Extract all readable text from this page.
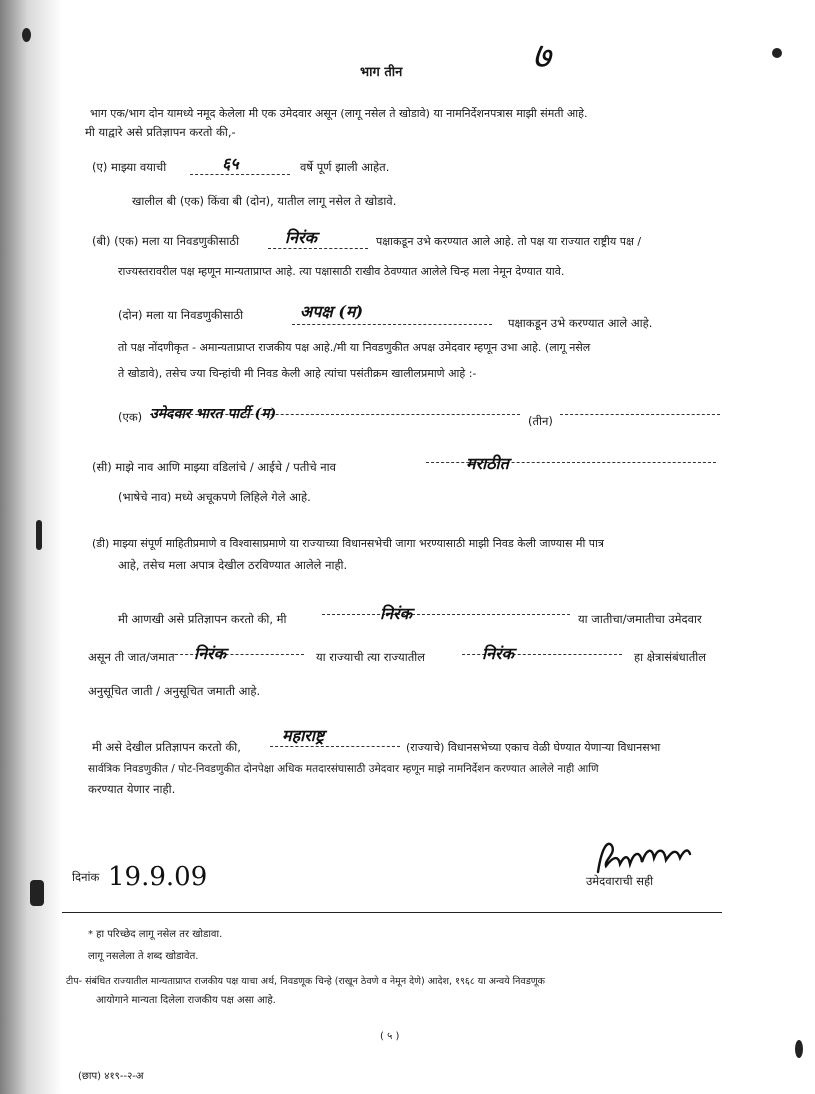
७
भाग तीन
भाग एक/भाग दोन यामध्ये नमूद केलेला मी एक उमेदवार असून (लागू नसेल ते खोडावे) या नामनिर्देशनपत्रास माझी संमती आहे.
मी याद्वारे असे प्रतिज्ञापन करतो की,-
(ए) माझ्या वयाची	६५	वर्षे पूर्ण झाली आहेत.
खालील बी (एक) किंवा बी (दोन), यातील लागू नसेल ते खोडावे.
(बी) (एक) मला या निवडणुकीसाठी	निरंक	पक्षाकडून उभे करण्यात आले आहे. तो पक्ष या राज्यात राष्ट्रीय पक्ष /
राज्यस्तरावरील पक्ष म्हणून मान्यताप्राप्त आहे. त्या पक्षासाठी राखीव ठेवण्यात आलेले चिन्ह मला नेमून देण्यात यावे.
(दोन) मला या निवडणुकीसाठी	अपक्ष (म)
पक्षाकडून उभे करण्यात आले आहे.
तो पक्ष नोंदणीकृत - अमान्यताप्राप्त राजकीय पक्ष आहे./मी या निवडणुकीत अपक्ष उमेदवार म्हणून उभा आहे. (लागू नसेल
ते खोडावे), तसेच ज्या चिन्हांची मी निवड केली आहे त्यांचा पसंतीक्रम खालीलप्रमाणे आहे :-
(एक) उमेदवार भारत पार्टी (म)	(तीन)
(सी) माझे नाव आणि माझ्या वडिलांचे / आईचे / पतीचे नाव	मराठीत
(भाषेचे नाव) मध्ये अचूकपणे लिहिले गेले आहे.
(डी) माझ्या संपूर्ण माहितीप्रमाणे व विश्वासाप्रमाणे या राज्याच्या विधानसभेची जागा भरण्यासाठी माझी निवड केली जाण्यास मी पात्र
आहे, तसेच मला अपात्र देखील ठरविण्यात आलेले नाही.
मी आणखी असे प्रतिज्ञापन करतो की, मी	निरंक	या जातीचा/जमातीचा उमेदवार
असून ती जात/जमात निरंक	या राज्याची त्या राज्यातील	निरंक	हा क्षेत्रासंबंधातील
अनुसूचित जाती / अनुसूचित जमाती आहे.
मी असे देखील प्रतिज्ञापन करतो की,
महाराष्ट्र
(राज्याचे) विधानसभेच्या एकाच वेळी घेण्यात येणाऱ्या विधानसभा
सार्वत्रिक निवडणुकीत / पोट-निवडणुकीत दोनपेक्षा अधिक मतदारसंघासाठी उमेदवार म्हणून माझे नामनिर्देशन करण्यात आलेले नाही आणि
करण्यात येणार नाही.
दिनांक 19.9.09	उमेदवाराची सही
* हा परिच्छेद लागू नसेल तर खोडावा.
लागू नसलेला ते शब्द खोडावेत.
टीप- संबंधित राज्यातील मान्यताप्राप्त राजकीय पक्ष याचा अर्थ, निवडणूक चिन्हे (राखून ठेवणे व नेमून देणे) आदेश, १९६८ या अन्वये निवडणूक
आयोगाने मान्यता दिलेला राजकीय पक्ष असा आहे.
( ५ )
(छाप) ४१९--२-अ
